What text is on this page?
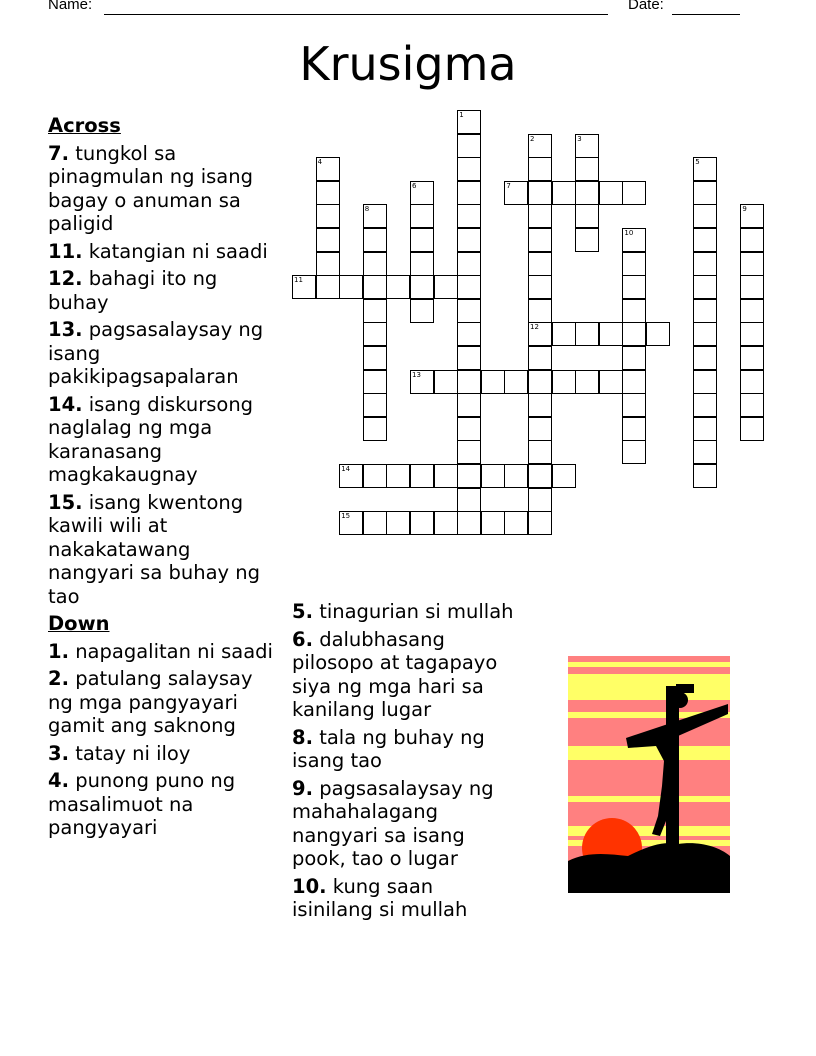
Name:	Date:
Krusigma
Across
7. tungkol sa pinagmulan ng isang bagay o anuman sa paligid
11. katangian ni saadi
12. bahagi ito ng buhay
13. pagsasalaysay ng isang pakikipagsapalaran
14. isang diskursong naglalag ng mga karanasang magkakaugnay
15. isang kwentong kawili wili at nakakatawang nangyari sa buhay ng tao
Down
1. napagalitan ni saadi
2. patulang salaysay ng mga pangyayari gamit ang saknong
3. tatay ni iloy
4. punong puno ng masalimuot na pangyayari
5. tinagurian si mullah
6. dalubhasang pilosopo at tagapayo siya ng mga hari sa kanilang lugar
8. tala ng buhay ng isang tao
9. pagsasalaysay ng mahahalagang nangyari sa isang pook, tao o lugar
10. kung saan isinilang si mullah
1
2
12
3
4	5
6	7
8	9
10
11
13
14
15
